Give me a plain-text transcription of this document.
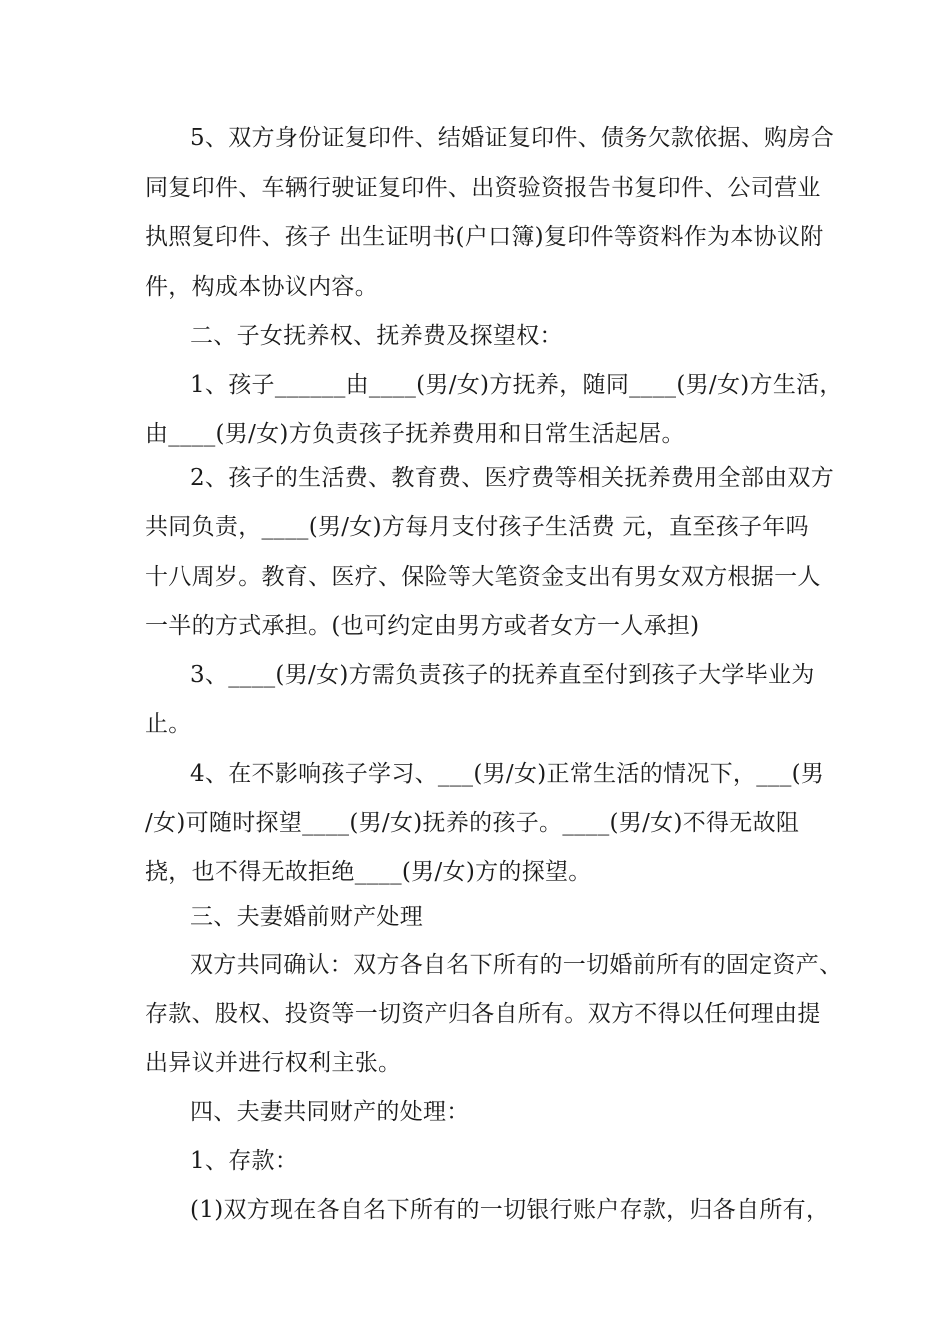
5、双方身份证复印件、结婚证复印件、债务欠款依据、购房合

同复印件、车辆行驶证复印件、出资验资报告书复印件、公司营业

执照复印件、孩子 出生证明书(户口簿)复印件等资料作为本协议附

件，构成本协议内容。

二、子女抚养权、抚养费及探望权：

1、孩子______由____(男/女)方抚养，随同____(男/女)方生活，

由____(男/女)方负责孩子抚养费用和日常生活起居。

2、孩子的生活费、教育费、医疗费等相关抚养费用全部由双方

共同负责，____(男/女)方每月支付孩子生活费 元，直至孩子年吗

十八周岁。教育、医疗、保险等大笔资金支出有男女双方根据一人

一半的方式承担。(也可约定由男方或者女方一人承担)

3、____(男/女)方需负责孩子的抚养直至付到孩子大学毕业为

止。

4、在不影响孩子学习、___(男/女)正常生活的情况下，___(男

/女)可随时探望____(男/女)抚养的孩子。____(男/女)不得无故阻

挠，也不得无故拒绝____(男/女)方的探望。

三、夫妻婚前财产处理

双方共同确认：双方各自名下所有的一切婚前所有的固定资产、

存款、股权、投资等一切资产归各自所有。双方不得以任何理由提

出异议并进行权利主张。

四、夫妻共同财产的处理：

1、存款：

(1)双方现在各自名下所有的一切银行账户存款，归各自所有，
